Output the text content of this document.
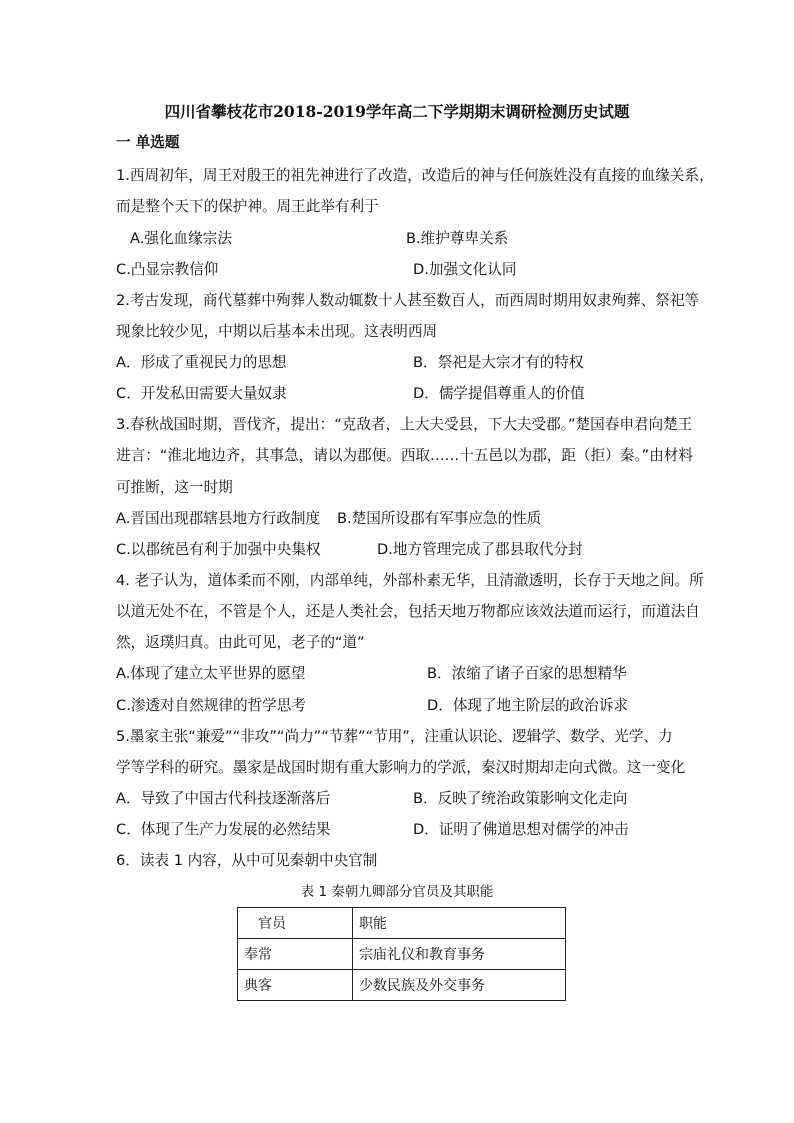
四川省攀枝花市2018-2019学年高二下学期期末调研检测历史试题
一 单选题
1.西周初年，周王对殷王的祖先神进行了改造，改造后的神与任何族姓没有直接的血缘关系，
而是整个天下的保护神。周王此举有利于
A.强化血缘宗法	B.维护尊卑关系
C.凸显宗教信仰	D.加强文化认同
2.考古发现，商代墓葬中殉葬人数动辄数十人甚至数百人，而西周时期用奴隶殉葬、祭祀等
现象比较少见，中期以后基本未出现。这表明西周
A．形成了重视民力的思想	B．祭祀是大宗才有的特权
C．开发私田需要大量奴隶	D．儒学提倡尊重人的价值
3.春秋战国时期，晋伐齐，提出：“克敌者，上大夫受县，下大夫受郡。”楚国春申君向楚王
进言：“淮北地边齐，其事急，请以为郡便。西取……十五邑以为郡，距（拒）秦。”由材料
可推断，这一时期
A.晋国出现郡辖县地方行政制度 B.楚国所设郡有军事应急的性质
C.以郡统邑有利于加强中央集权	D.地方管理完成了郡县取代分封
4. 老子认为，道体柔而不刚，内部单纯，外部朴素无华，且清澈透明，长存于天地之间。所
以道无处不在，不管是个人，还是人类社会，包括天地万物都应该效法道而运行，而道法自
然，返璞归真。由此可见，老子的“道”
A.体现了建立太平世界的愿望	B．浓缩了诸子百家的思想精华
C.渗透对自然规律的哲学思考	D．体现了地主阶层的政治诉求
5.墨家主张“兼爱”“非攻”“尚力”“节葬”“节用”，注重认识论、逻辑学、数学、光学、力
学等学科的研究。墨家是战国时期有重大影响力的学派，秦汉时期却走向式微。这一变化
A．导致了中国古代科技逐渐落后	B．反映了统治政策影响文化走向
C．体现了生产力发展的必然结果	D．证明了佛道思想对儒学的冲击
6．读表 1 内容，从中可见秦朝中央官制
表 1 秦朝九卿部分官员及其职能
官员	职能
奉常	宗庙礼仪和教育事务
典客	少数民族及外交事务
